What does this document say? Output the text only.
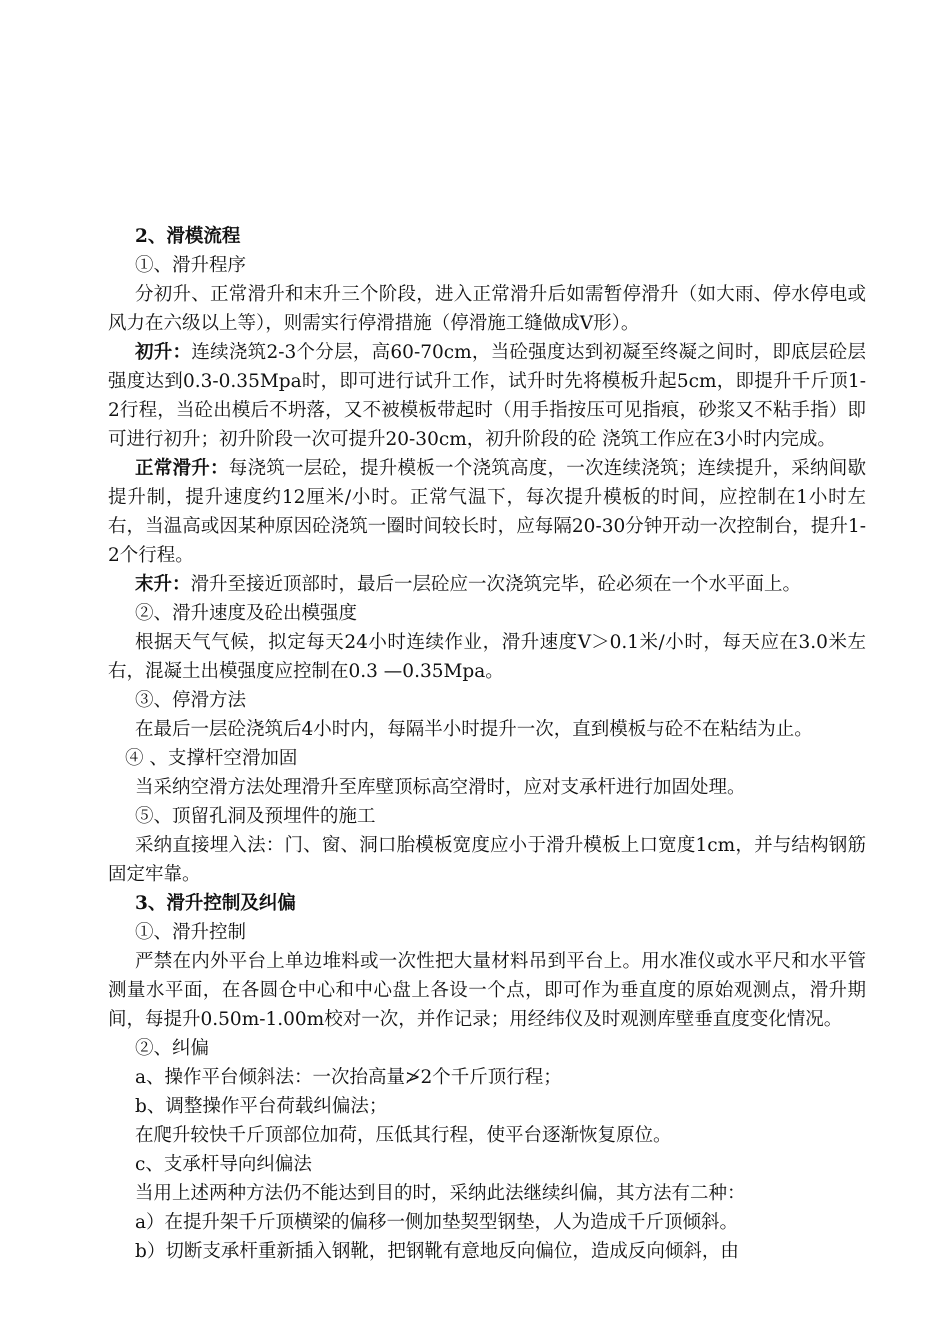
2、滑模流程

①、滑升程序

分初升、正常滑升和末升三个阶段，进入正常滑升后如需暂停滑升（如大雨、停水停电或风力在六级以上等），则需实行停滑措施（停滑施工缝做成V形）。

初升：连续浇筑2-3个分层，高60-70cm，当砼强度达到初凝至终凝之间时，即底层砼层强度达到0.3-0.35Mpa时，即可进行试升工作，试升时先将模板升起5cm，即提升千斤顶1-2行程，当砼出模后不坍落，又不被模板带起时（用手指按压可见指痕，砂浆又不粘手指）即可进行初升；初升阶段一次可提升20-30cm，初升阶段的砼 浇筑工作应在3小时内完成。

正常滑升：每浇筑一层砼，提升模板一个浇筑高度，一次连续浇筑；连续提升，采纳间歇提升制，提升速度约12厘米/小时。正常气温下，每次提升模板的时间，应控制在1小时左右，当温高或因某种原因砼浇筑一圈时间较长时，应每隔20-30分钟开动一次控制台，提升1-2个行程。

末升：滑升至接近顶部时，最后一层砼应一次浇筑完毕，砼必须在一个水平面上。

②、滑升速度及砼出模强度

根据天气气候，拟定每天24小时连续作业，滑升速度V＞0.1米/小时，每天应在3.0米左右，混凝土出模强度应控制在0.3 —0.35Mpa。

③、停滑方法

在最后一层砼浇筑后4小时内，每隔半小时提升一次，直到模板与砼不在粘结为止。

④ 、支撑杆空滑加固

当采纳空滑方法处理滑升至库壁顶标高空滑时，应对支承杆进行加固处理。

⑤、顶留孔洞及预埋件的施工

采纳直接埋入法：门、窗、洞口胎模板宽度应小于滑升模板上口宽度1cm，并与结构钢筋固定牢靠。

3、滑升控制及纠偏

①、滑升控制

严禁在内外平台上单边堆料或一次性把大量材料吊到平台上。用水准仪或水平尺和水平管测量水平面，在各圆仓中心和中心盘上各设一个点，即可作为垂直度的原始观测点，滑升期间，每提升0.50m-1.00m校对一次，并作记录；用经纬仪及时观测库壁垂直度变化情况。

②、纠偏

a、操作平台倾斜法：一次抬高量≯2个千斤顶行程；

b、调整操作平台荷载纠偏法；

在爬升较快千斤顶部位加荷，压低其行程，使平台逐渐恢复原位。

c、支承杆导向纠偏法

当用上述两种方法仍不能达到目的时，采纳此法继续纠偏，其方法有二种：

a）在提升架千斤顶横梁的偏移一侧加垫契型钢垫，人为造成千斤顶倾斜。

b）切断支承杆重新插入钢靴，把钢靴有意地反向偏位，造成反向倾斜，由
